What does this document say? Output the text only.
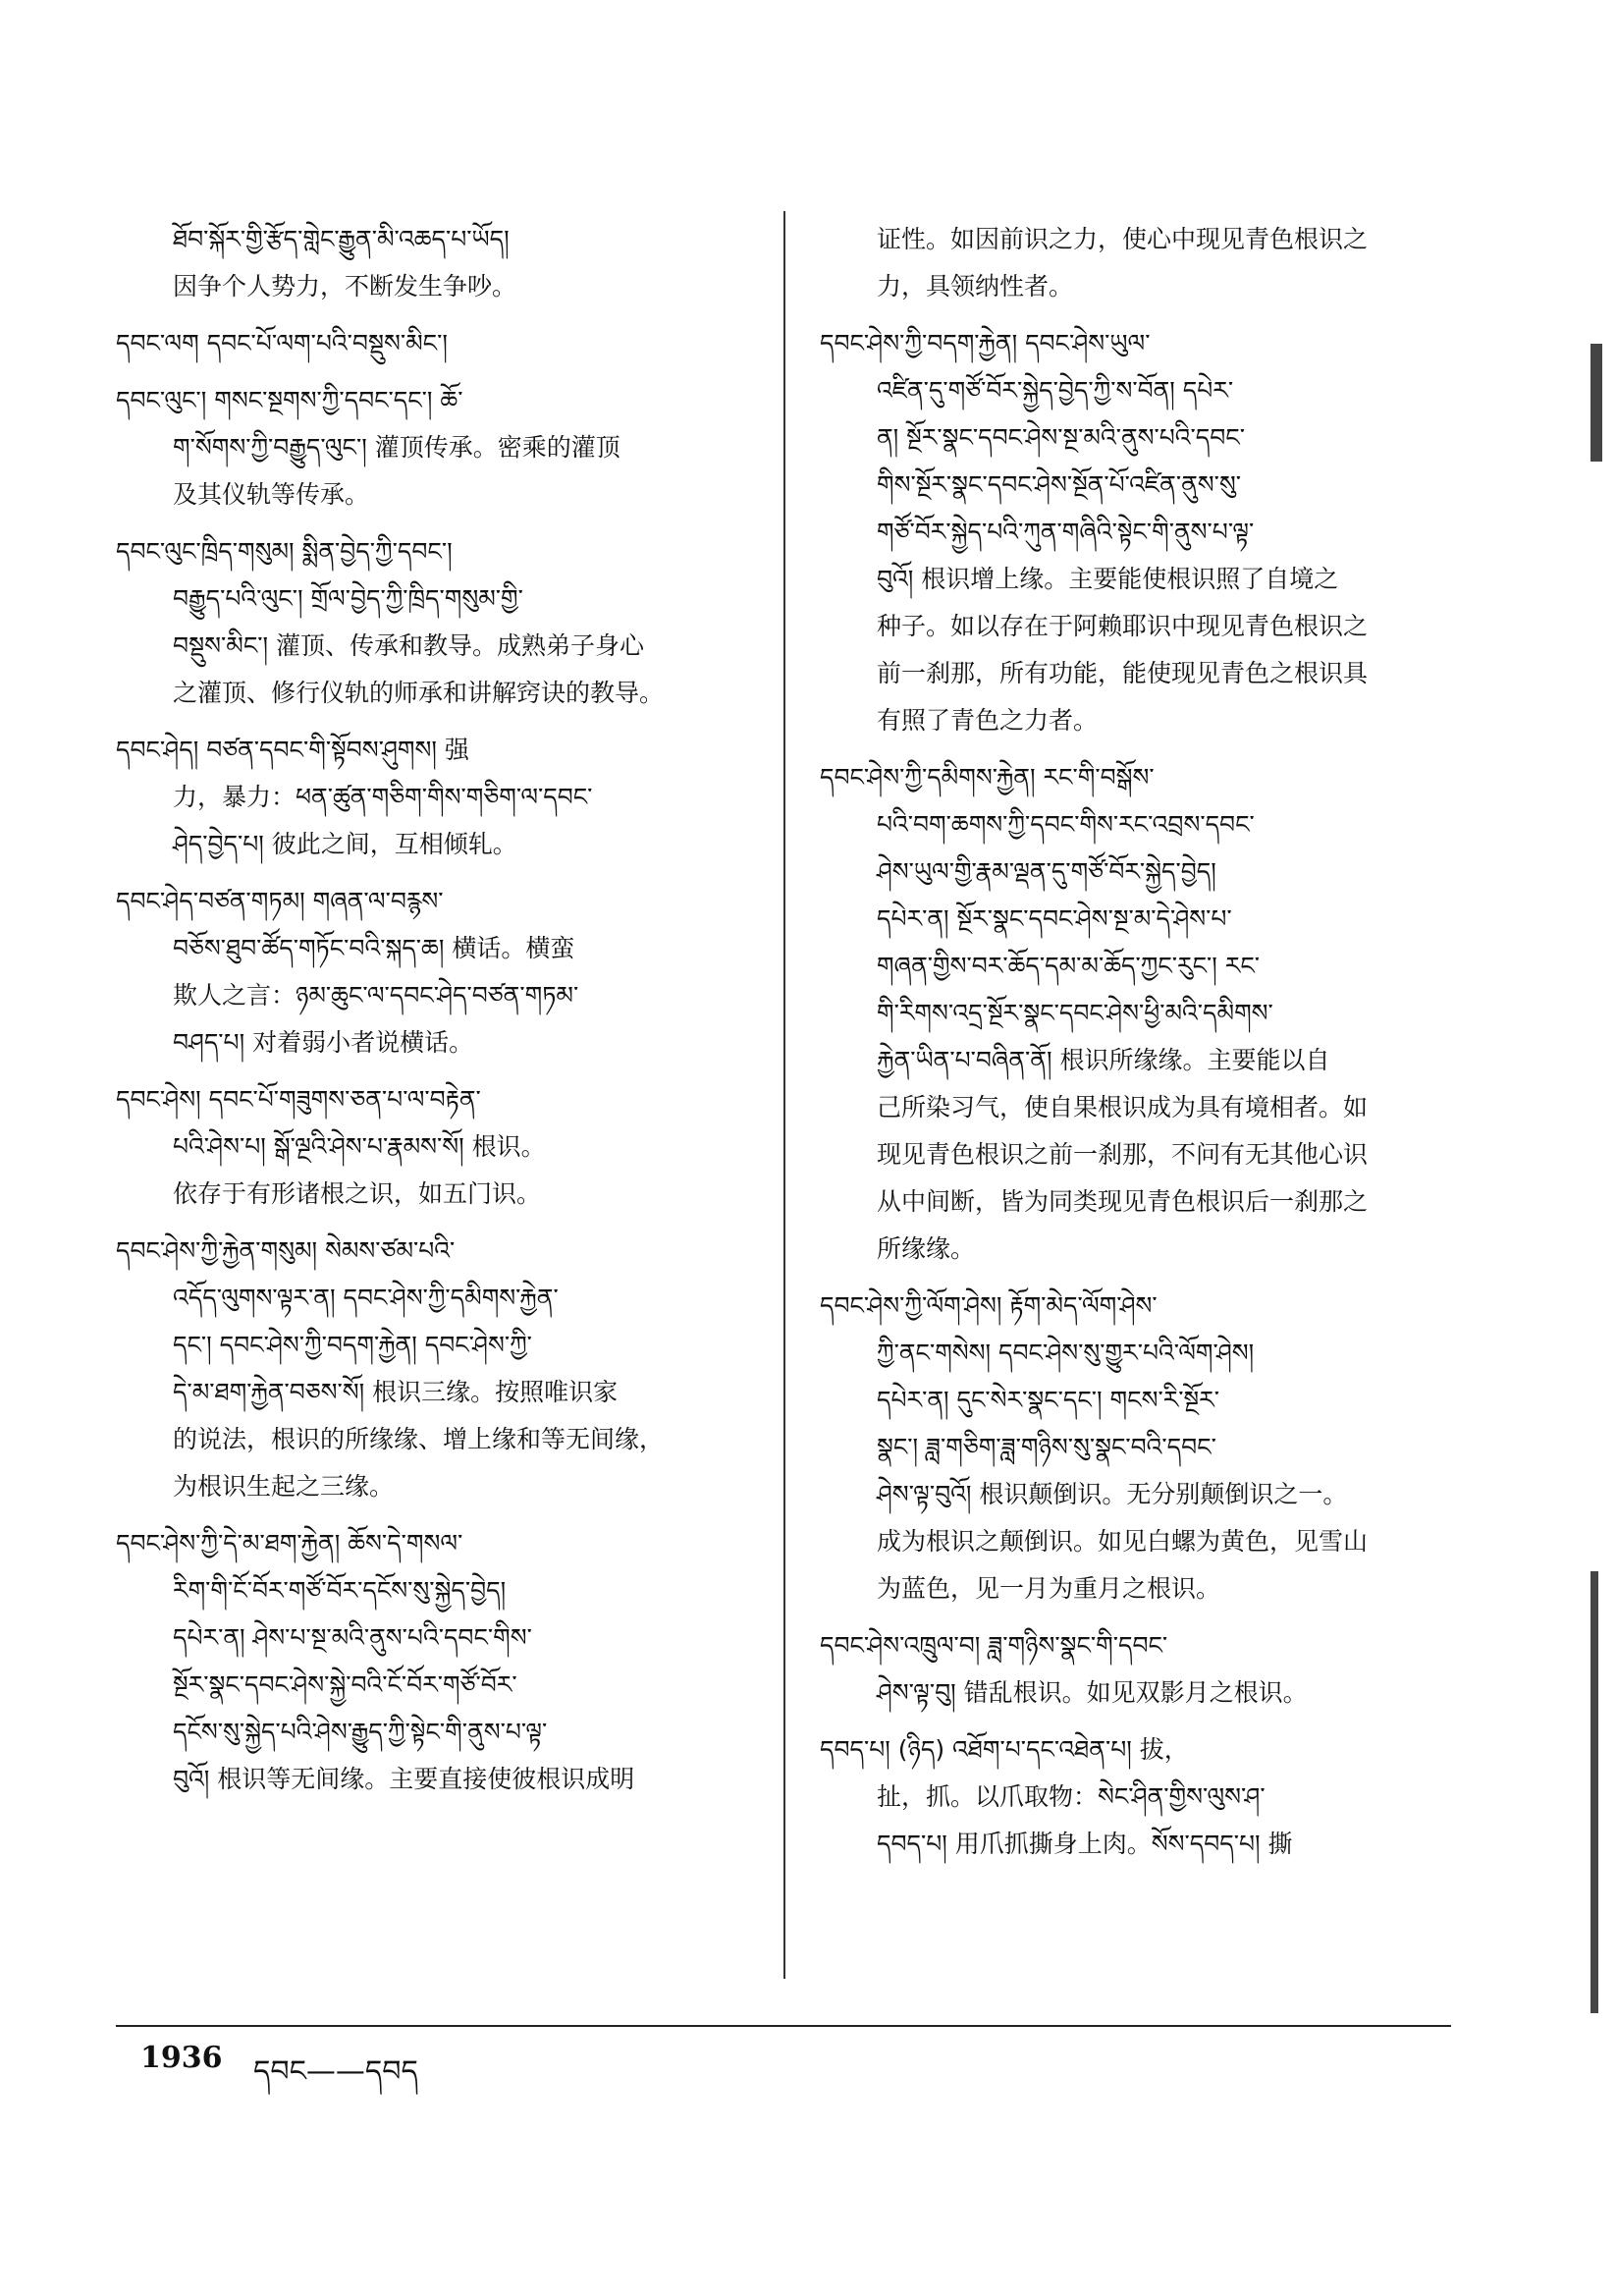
ཐོབ་སྐོར་གྱི་རྩོད་གླེང་རྒྱུན་མི་འཆད་པ་ཡོད།

因争个人势力，不断发生争吵。

དབང་ལག དབང་པོ་ལག་པའི་བསྡུས་མིང་།

དབང་ལུང་། གསང་སྔགས་ཀྱི་དབང་དང་། ཆོ་

ག་སོགས་ཀྱི་བརྒྱུད་ལུང་། 灌顶传承。密乘的灌顶

及其仪轨等传承。

དབང་ལུང་ཁྲིད་གསུམ། སྨིན་བྱེད་ཀྱི་དབང་།

བརྒྱུད་པའི་ལུང་། གྲོལ་བྱེད་ཀྱི་ཁྲིད་གསུམ་གྱི་

བསྡུས་མིང་། 灌顶、传承和教导。成熟弟子身心

之灌顶、修行仪轨的师承和讲解窍诀的教导。

དབང་ཤེད། བཙན་དབང་གི་སྟོབས་ཤུགས། 强

力，暴力：ཕན་ཚུན་གཅིག་གིས་གཅིག་ལ་དབང་

ཤེད་བྱེད་པ། 彼此之间，互相倾轧。

དབང་ཤེད་བཙན་གཏམ། གཞན་ལ་བརྙས་

བཅོས་ཐུབ་ཚོད་གཏོང་བའི་སྐད་ཆ། 横话。横蛮

欺人之言：ཉམ་ཆུང་ལ་དབང་ཤེད་བཙན་གཏམ་

བཤད་པ། 对着弱小者说横话。

དབང་ཤེས། དབང་པོ་གཟུགས་ཅན་པ་ལ་བརྟེན་

པའི་ཤེས་པ། སྒོ་ལྔའི་ཤེས་པ་རྣམས་སོ། 根识。

依存于有形诸根之识，如五门识。

དབང་ཤེས་ཀྱི་རྐྱེན་གསུམ། སེམས་ཙམ་པའི་

འདོད་ལུགས་ལྟར་ན། དབང་ཤེས་ཀྱི་དམིགས་རྐྱེན་

དང་། དབང་ཤེས་ཀྱི་བདག་རྐྱེན། དབང་ཤེས་ཀྱི་

དེ་མ་ཐག་རྐྱེན་བཅས་སོ། 根识三缘。按照唯识家

的说法，根识的所缘缘、增上缘和等无间缘，

为根识生起之三缘。

དབང་ཤེས་ཀྱི་དེ་མ་ཐག་རྐྱེན། ཆོས་དེ་གསལ་

རིག་གི་ངོ་བོར་གཙོ་བོར་དངོས་སུ་སྐྱེད་བྱེད།

དཔེར་ན། ཤེས་པ་སྔ་མའི་ནུས་པའི་དབང་གིས་

སྔོར་སྣང་དབང་ཤེས་སྐྱེ་བའི་ངོ་བོར་གཙོ་བོར་

དངོས་སུ་སྐྱེད་པའི་ཤེས་རྒྱུད་ཀྱི་སྟེང་གི་ནུས་པ་ལྟ་

བུའོ། 根识等无间缘。主要直接使彼根识成明

证性。如因前识之力，使心中现见青色根识之

力，具领纳性者。

དབང་ཤེས་ཀྱི་བདག་རྐྱེན། དབང་ཤེས་ཡུལ་

འཛིན་དུ་གཙོ་བོར་སྐྱེད་བྱེད་ཀྱི་ས་བོན། དཔེར་

ན། སྔོར་སྣང་དབང་ཤེས་སྔ་མའི་ནུས་པའི་དབང་

གིས་སྔོར་སྣང་དབང་ཤེས་སྔོན་པོ་འཛིན་ནུས་སུ་

གཙོ་བོར་སྐྱེད་པའི་ཀུན་གཞིའི་སྟེང་གི་ནུས་པ་ལྟ་

བུའོ། 根识增上缘。主要能使根识照了自境之

种子。如以存在于阿赖耶识中现见青色根识之

前一刹那，所有功能，能使现见青色之根识具

有照了青色之力者。

དབང་ཤེས་ཀྱི་དམིགས་རྐྱེན། རང་གི་བསྒོས་

པའི་བག་ཆགས་ཀྱི་དབང་གིས་རང་འབྲས་དབང་

ཤེས་ཡུལ་གྱི་རྣམ་ལྡན་དུ་གཙོ་བོར་སྐྱེད་བྱེད།

དཔེར་ན། སྔོར་སྣང་དབང་ཤེས་སྔ་མ་དེ་ཤེས་པ་

གཞན་གྱིས་བར་ཆོད་དམ་མ་ཆོད་ཀྱང་རུང་། རང་

གི་རིགས་འདྲ་སྔོར་སྣང་དབང་ཤེས་ཕྱི་མའི་དམིགས་

རྐྱེན་ཡིན་པ་བཞིན་ནོ། 根识所缘缘。主要能以自

己所染习气，使自果根识成为具有境相者。如

现见青色根识之前一刹那，不问有无其他心识

从中间断，皆为同类现见青色根识后一刹那之

所缘缘。

དབང་ཤེས་ཀྱི་ལོག་ཤེས། རྟོག་མེད་ལོག་ཤེས་

ཀྱི་ནང་གསེས། དབང་ཤེས་སུ་གྱུར་པའི་ལོག་ཤེས།

དཔེར་ན། དུང་སེར་སྣང་དང་། གངས་རི་སྔོར་

སྣང་། ཟླ་གཅིག་ཟླ་གཉིས་སུ་སྣང་བའི་དབང་

ཤེས་ལྟ་བུའོ། 根识颠倒识。无分别颠倒识之一。

成为根识之颠倒识。如见白螺为黄色，见雪山

为蓝色，见一月为重月之根识。

དབང་ཤེས་འཁྲུལ་བ། ཟླ་གཉིས་སྣང་གི་དབང་

ཤེས་ལྟ་བུ། 错乱根识。如见双影月之根识。

དབད་པ། (ཉིད) འཐོག་པ་དང་འཐེན་པ། 拔，

扯，抓。以爪取物：སེང་ཤིན་གྱིས་ལུས་ཤ་

དབད་པ། 用爪抓撕身上肉。སོས་དབད་པ། 撕

1936 དབང——དབད
